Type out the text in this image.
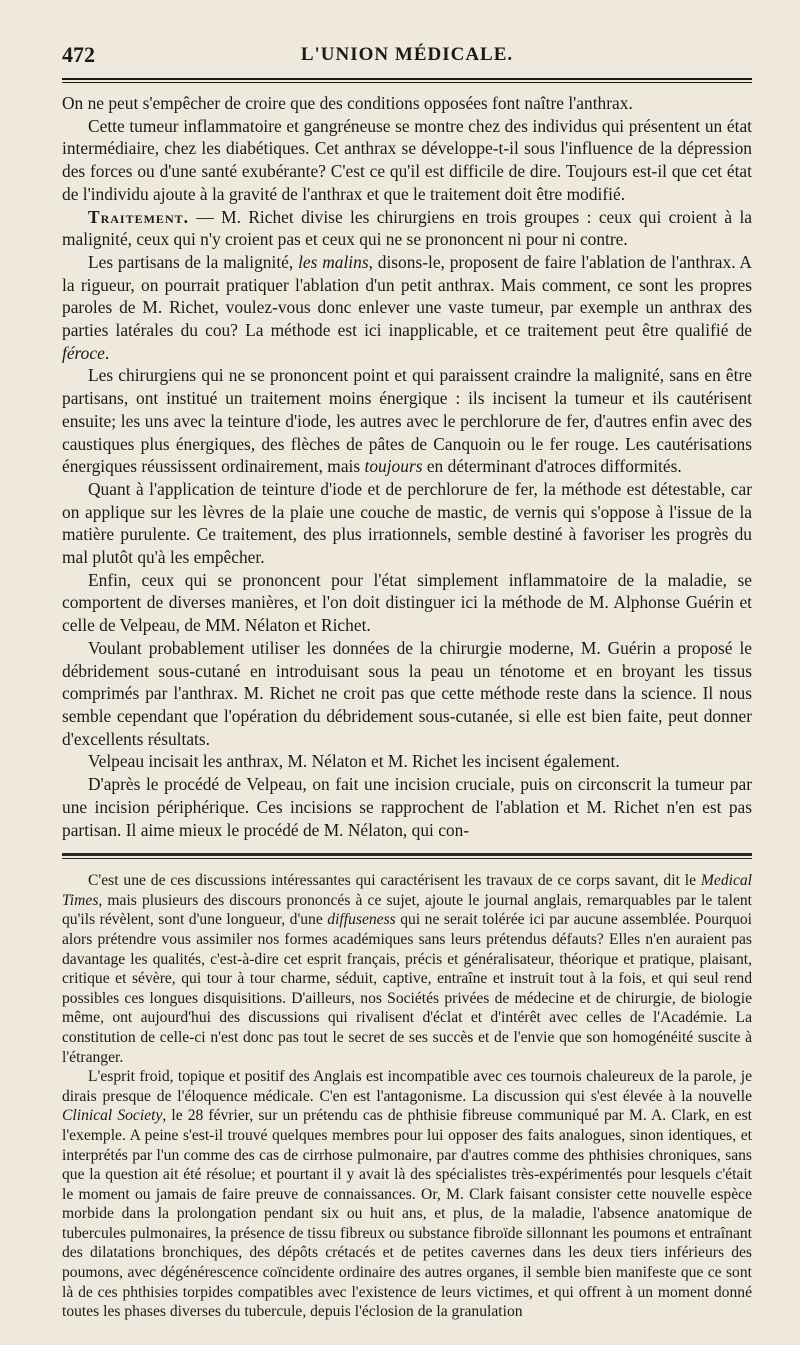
472	L'UNION MÉDICALE.

On ne peut s'empêcher de croire que des conditions opposées font naître l'anthrax.

Cette tumeur inflammatoire et gangréneuse se montre chez des individus qui présentent un état intermédiaire, chez les diabétiques. Cet anthrax se développe-t-il sous l'influence de la dépression des forces ou d'une santé exubérante? C'est ce qu'il est difficile de dire. Toujours est-il que cet état de l'individu ajoute à la gravité de l'anthrax et que le traitement doit être modifié.

Traitement. — M. Richet divise les chirurgiens en trois groupes : ceux qui croient à la malignité, ceux qui n'y croient pas et ceux qui ne se prononcent ni pour ni contre.

Les partisans de la malignité, les malins, disons-le, proposent de faire l'ablation de l'anthrax. A la rigueur, on pourrait pratiquer l'ablation d'un petit anthrax. Mais comment, ce sont les propres paroles de M. Richet, voulez-vous donc enlever une vaste tumeur, par exemple un anthrax des parties latérales du cou? La méthode est ici inapplicable, et ce traitement peut être qualifié de féroce.

Les chirurgiens qui ne se prononcent point et qui paraissent craindre la malignité, sans en être partisans, ont institué un traitement moins énergique : ils incisent la tumeur et ils cautérisent ensuite; les uns avec la teinture d'iode, les autres avec le perchlorure de fer, d'autres enfin avec des caustiques plus énergiques, des flèches de pâtes de Canquoin ou le fer rouge. Les cautérisations énergiques réussissent ordinairement, mais toujours en déterminant d'atroces difformités.

Quant à l'application de teinture d'iode et de perchlorure de fer, la méthode est détestable, car on applique sur les lèvres de la plaie une couche de mastic, de vernis qui s'oppose à l'issue de la matière purulente. Ce traitement, des plus irrationnels, semble destiné à favoriser les progrès du mal plutôt qu'à les empêcher.

Enfin, ceux qui se prononcent pour l'état simplement inflammatoire de la maladie, se comportent de diverses manières, et l'on doit distinguer ici la méthode de M. Alphonse Guérin et celle de Velpeau, de MM. Nélaton et Richet.

Voulant probablement utiliser les données de la chirurgie moderne, M. Guérin a proposé le débridement sous-cutané en introduisant sous la peau un ténotome et en broyant les tissus comprimés par l'anthrax. M. Richet ne croit pas que cette méthode reste dans la science. Il nous semble cependant que l'opération du débridement sous-cutanée, si elle est bien faite, peut donner d'excellents résultats.

Velpeau incisait les anthrax, M. Nélaton et M. Richet les incisent également.

D'après le procédé de Velpeau, on fait une incision cruciale, puis on circonscrit la tumeur par une incision périphérique. Ces incisions se rapprochent de l'ablation et M. Richet n'en est pas partisan. Il aime mieux le procédé de M. Nélaton, qui con-

C'est une de ces discussions intéressantes qui caractérisent les travaux de ce corps savant, dit le Medical Times, mais plusieurs des discours prononcés à ce sujet, ajoute le journal anglais, remarquables par le talent qu'ils révèlent, sont d'une longueur, d'une diffuseness qui ne serait tolérée ici par aucune assemblée. Pourquoi alors prétendre vous assimiler nos formes académiques sans leurs prétendus défauts? Elles n'en auraient pas davantage les qualités, c'est-à-dire cet esprit français, précis et généralisateur, théorique et pratique, plaisant, critique et sévère, qui tour à tour charme, séduit, captive, entraîne et instruit tout à la fois, et qui seul rend possibles ces longues disquisitions. D'ailleurs, nos Sociétés privées de médecine et de chirurgie, de biologie même, ont aujourd'hui des discussions qui rivalisent d'éclat et d'intérêt avec celles de l'Académie. La constitution de celle-ci n'est donc pas tout le secret de ses succès et de l'envie que son homogénéité suscite à l'étranger.

L'esprit froid, topique et positif des Anglais est incompatible avec ces tournois chaleureux de la parole, je dirais presque de l'éloquence médicale. C'en est l'antagonisme. La discussion qui s'est élevée à la nouvelle Clinical Society, le 28 février, sur un prétendu cas de phthisie fibreuse communiqué par M. A. Clark, en est l'exemple. A peine s'est-il trouvé quelques membres pour lui opposer des faits analogues, sinon identiques, et interprétés par l'un comme des cas de cirrhose pulmonaire, par d'autres comme des phthisies chroniques, sans que la question ait été résolue; et pourtant il y avait là des spécialistes très-expérimentés pour lesquels c'était le moment ou jamais de faire preuve de connaissances. Or, M. Clark faisant consister cette nouvelle espèce morbide dans la prolongation pendant six ou huit ans, et plus, de la maladie, l'absence anatomique de tubercules pulmonaires, la présence de tissu fibreux ou substance fibroïde sillonnant les poumons et entraînant des dilatations bronchiques, des dépôts crétacés et de petites cavernes dans les deux tiers inférieurs des poumons, avec dégénérescence coïncidente ordinaire des autres organes, il semble bien manifeste que ce sont là de ces phthisies torpides compatibles avec l'existence de leurs victimes, et qui offrent à un moment donné toutes les phases diverses du tubercule, depuis l'éclosion de la granulation
